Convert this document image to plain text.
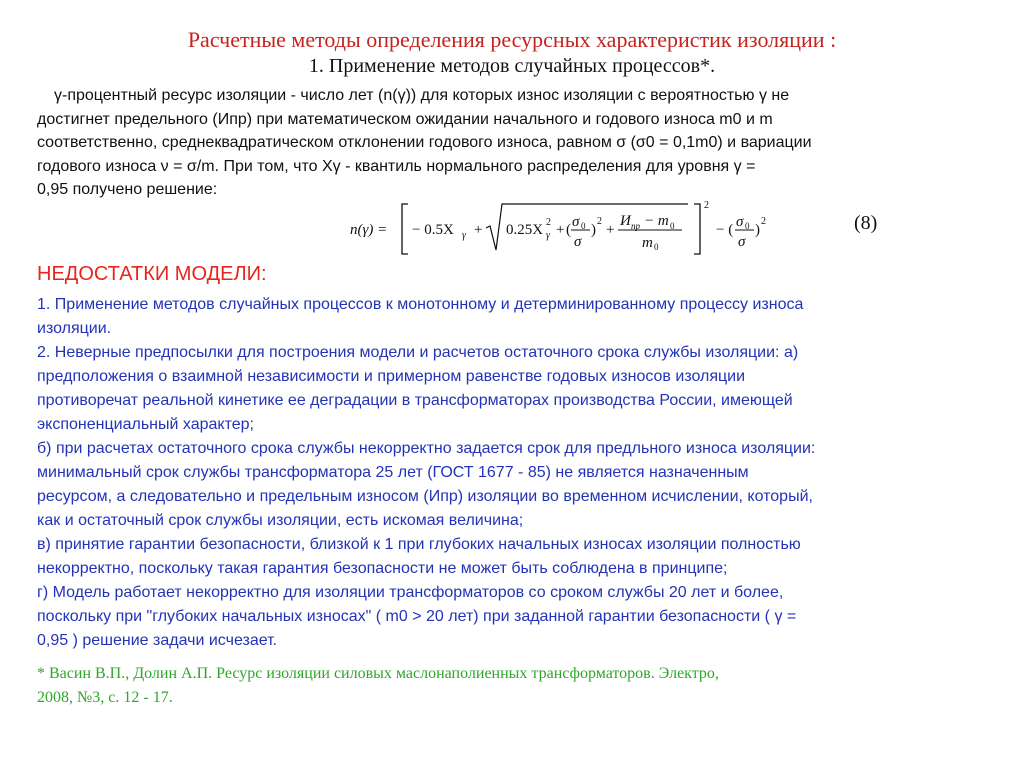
Расчетные методы определения ресурсных характеристик изоляции :
1. Применение методов случайных процессов*.
γ-процентный ресурс изоляции - число лет (n(γ)) для которых износ изоляции с вероятностью γ не
достигнет предельного (Ипр) при математическом ожидании начального и годового износа m0 и m
соответственно, среднеквадратическом отклонении годового износа, равном σ (σ0 = 0,1m0) и вариации
годового износа ν = σ/m. При том, что Xγ - квантиль нормального распределения для уровня γ =
0,95 получено решение:
n(γ) = − 0.5X γ + 0.25X 2
γ + ( σ 0
σ
)
2
+
И пр − m 0
m 0
2
− ( σ 0
σ
)
2	(8)
НЕДОСТАТКИ МОДЕЛИ:
1. Применение методов случайных процессов к монотонному и детерминированному процессу износа
изоляции.
2. Неверные предпосылки для построения модели и расчетов остаточного срока службы изоляции: а)
предположения о взаимной независимости и примерном равенстве годовых износов изоляции
противоречат реальной кинетике ее деградации в трансформаторах производства России, имеющей
экспоненциальный характер;
б) при расчетах остаточного срока службы некорректно задается срок для предльного износа изоляции:
минимальный срок службы трансформатора 25 лет (ГОСТ 1677 - 85) не является назначенным
ресурсом, а следовательно и предельным износом (Ипр) изоляции во временном исчислении, который,
как и остаточный срок службы изоляции, есть искомая величина;
в) принятие гарантии безопасности, близкой к 1 при глубоких начальных износах изоляции полностью
некорректно, поскольку такая гарантия безопасности не может быть соблюдена в принципе;
г) Модель работает некорректно для изоляции трансформаторов со сроком службы 20 лет и более,
поскольку при "глубоких начальных износах" ( m0 > 20 лет) при заданной гарантии безопасности ( γ =
0,95 ) решение задачи исчезает.
* Васин В.П., Долин А.П. Ресурс изоляции силовых маслонаполиенных трансформаторов. Электро,
2008, №3, с. 12 - 17.
